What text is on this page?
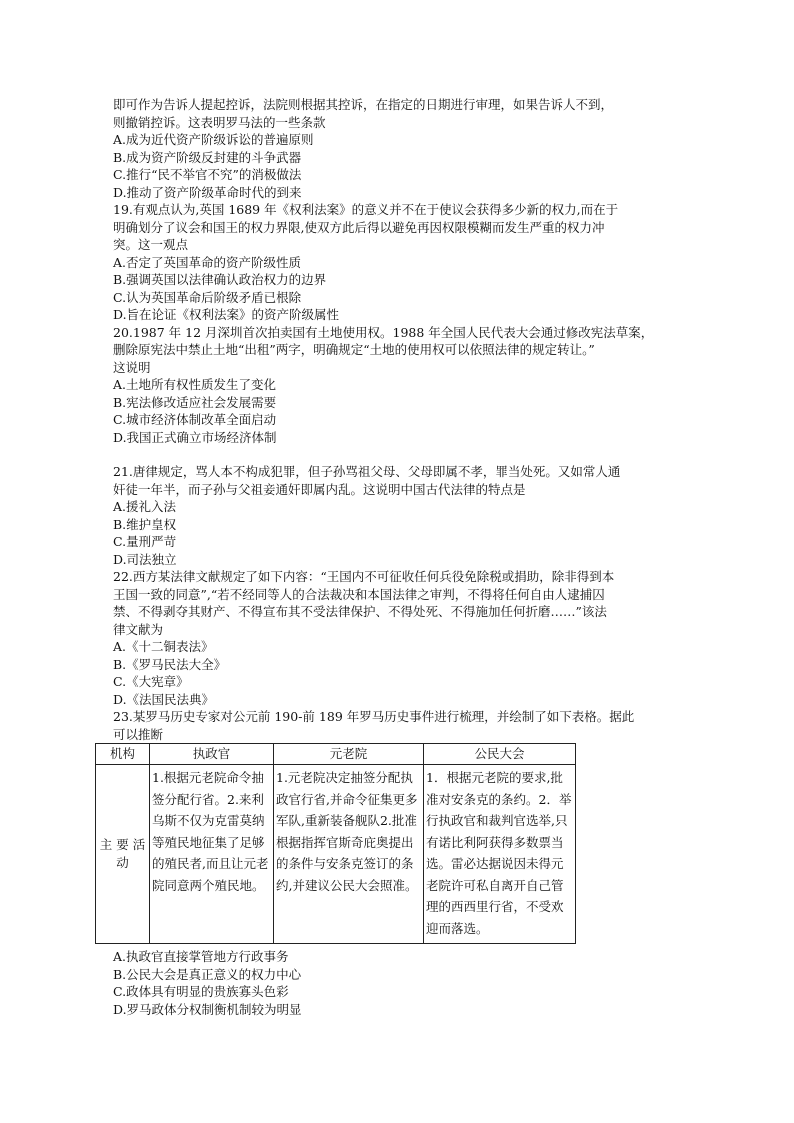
即可作为告诉人提起控诉，法院则根据其控诉，在指定的日期进行审理，如果告诉人不到，
则撤销控诉。这表明罗马法的一些条款
A.成为近代资产阶级诉讼的普遍原则
B.成为资产阶级反封建的斗争武器
C.推行“民不举官不究”的消极做法
D.推动了资产阶级革命时代的到来
19.有观点认为,英国 1689 年《权利法案》的意义并不在于使议会获得多少新的权力,而在于
明确划分了议会和国王的权力界限,使双方此后得以避免再因权限模糊而发生严重的权力冲
突。这一观点
A.否定了英国革命的资产阶级性质
B.强调英国以法律确认政治权力的边界
C.认为英国革命后阶级矛盾已根除
D.旨在论证《权利法案》的资产阶级属性
20.1987 年 12 月深圳首次拍卖国有土地使用权。1988 年全国人民代表大会通过修改宪法草案，
删除原宪法中禁止土地“出租”两字，明确规定“土地的使用权可以依照法律的规定转让。”
这说明
A.土地所有权性质发生了变化
B.宪法修改适应社会发展需要
C.城市经济体制改革全面启动
D.我国正式确立市场经济体制
21.唐律规定，骂人本不构成犯罪，但子孙骂祖父母、父母即属不孝，罪当处死。又如常人通
奸徒一年半，而子孙与父祖妾通奸即属内乱。这说明中国古代法律的特点是
A.援礼入法
B.维护皇权
C.量刑严苛
D.司法独立
22.西方某法律文献规定了如下内容：“王国内不可征收任何兵役免除税或捐助，除非得到本
王国一致的同意”,“若不经同等人的合法裁决和本国法律之审判，不得将任何自由人逮捕囚
禁、不得剥夺其财产、不得宣布其不受法律保护、不得处死、不得施加任何折磨……”该法
律文献为
A.《十二铜表法》
B.《罗马民法大全》
C.《大宪章》
D.《法国民法典》
23.某罗马历史专家对公元前 190-前 189 年罗马历史事件进行梳理，并绘制了如下表格。据此
可以推断
机构	执政官	元老院	公民大会
主 要 活 动	1.根据元老院命令抽签分配行省。2.来利乌斯不仅为克雷莫纳等殖民地征集了足够的殖民者,而且让元老院同意两个殖民地。	1.元老院决定抽签分配执政官行省,并命令征集更多军队,重新装备舰队2.批准根据指挥官斯奇庇奥提出的条件与安条克签订的条约,并建议公民大会照准。	1．根据元老院的要求,批准对安条克的条约。2．举行执政官和裁判官选举,只有诺比利阿获得多数票当选。雷必达据说因未得元老院许可私自离开自己管理的西西里行省，不受欢迎而落选。
A.执政官直接掌管地方行政事务
B.公民大会是真正意义的权力中心
C.政体具有明显的贵族寡头色彩
D.罗马政体分权制衡机制较为明显
